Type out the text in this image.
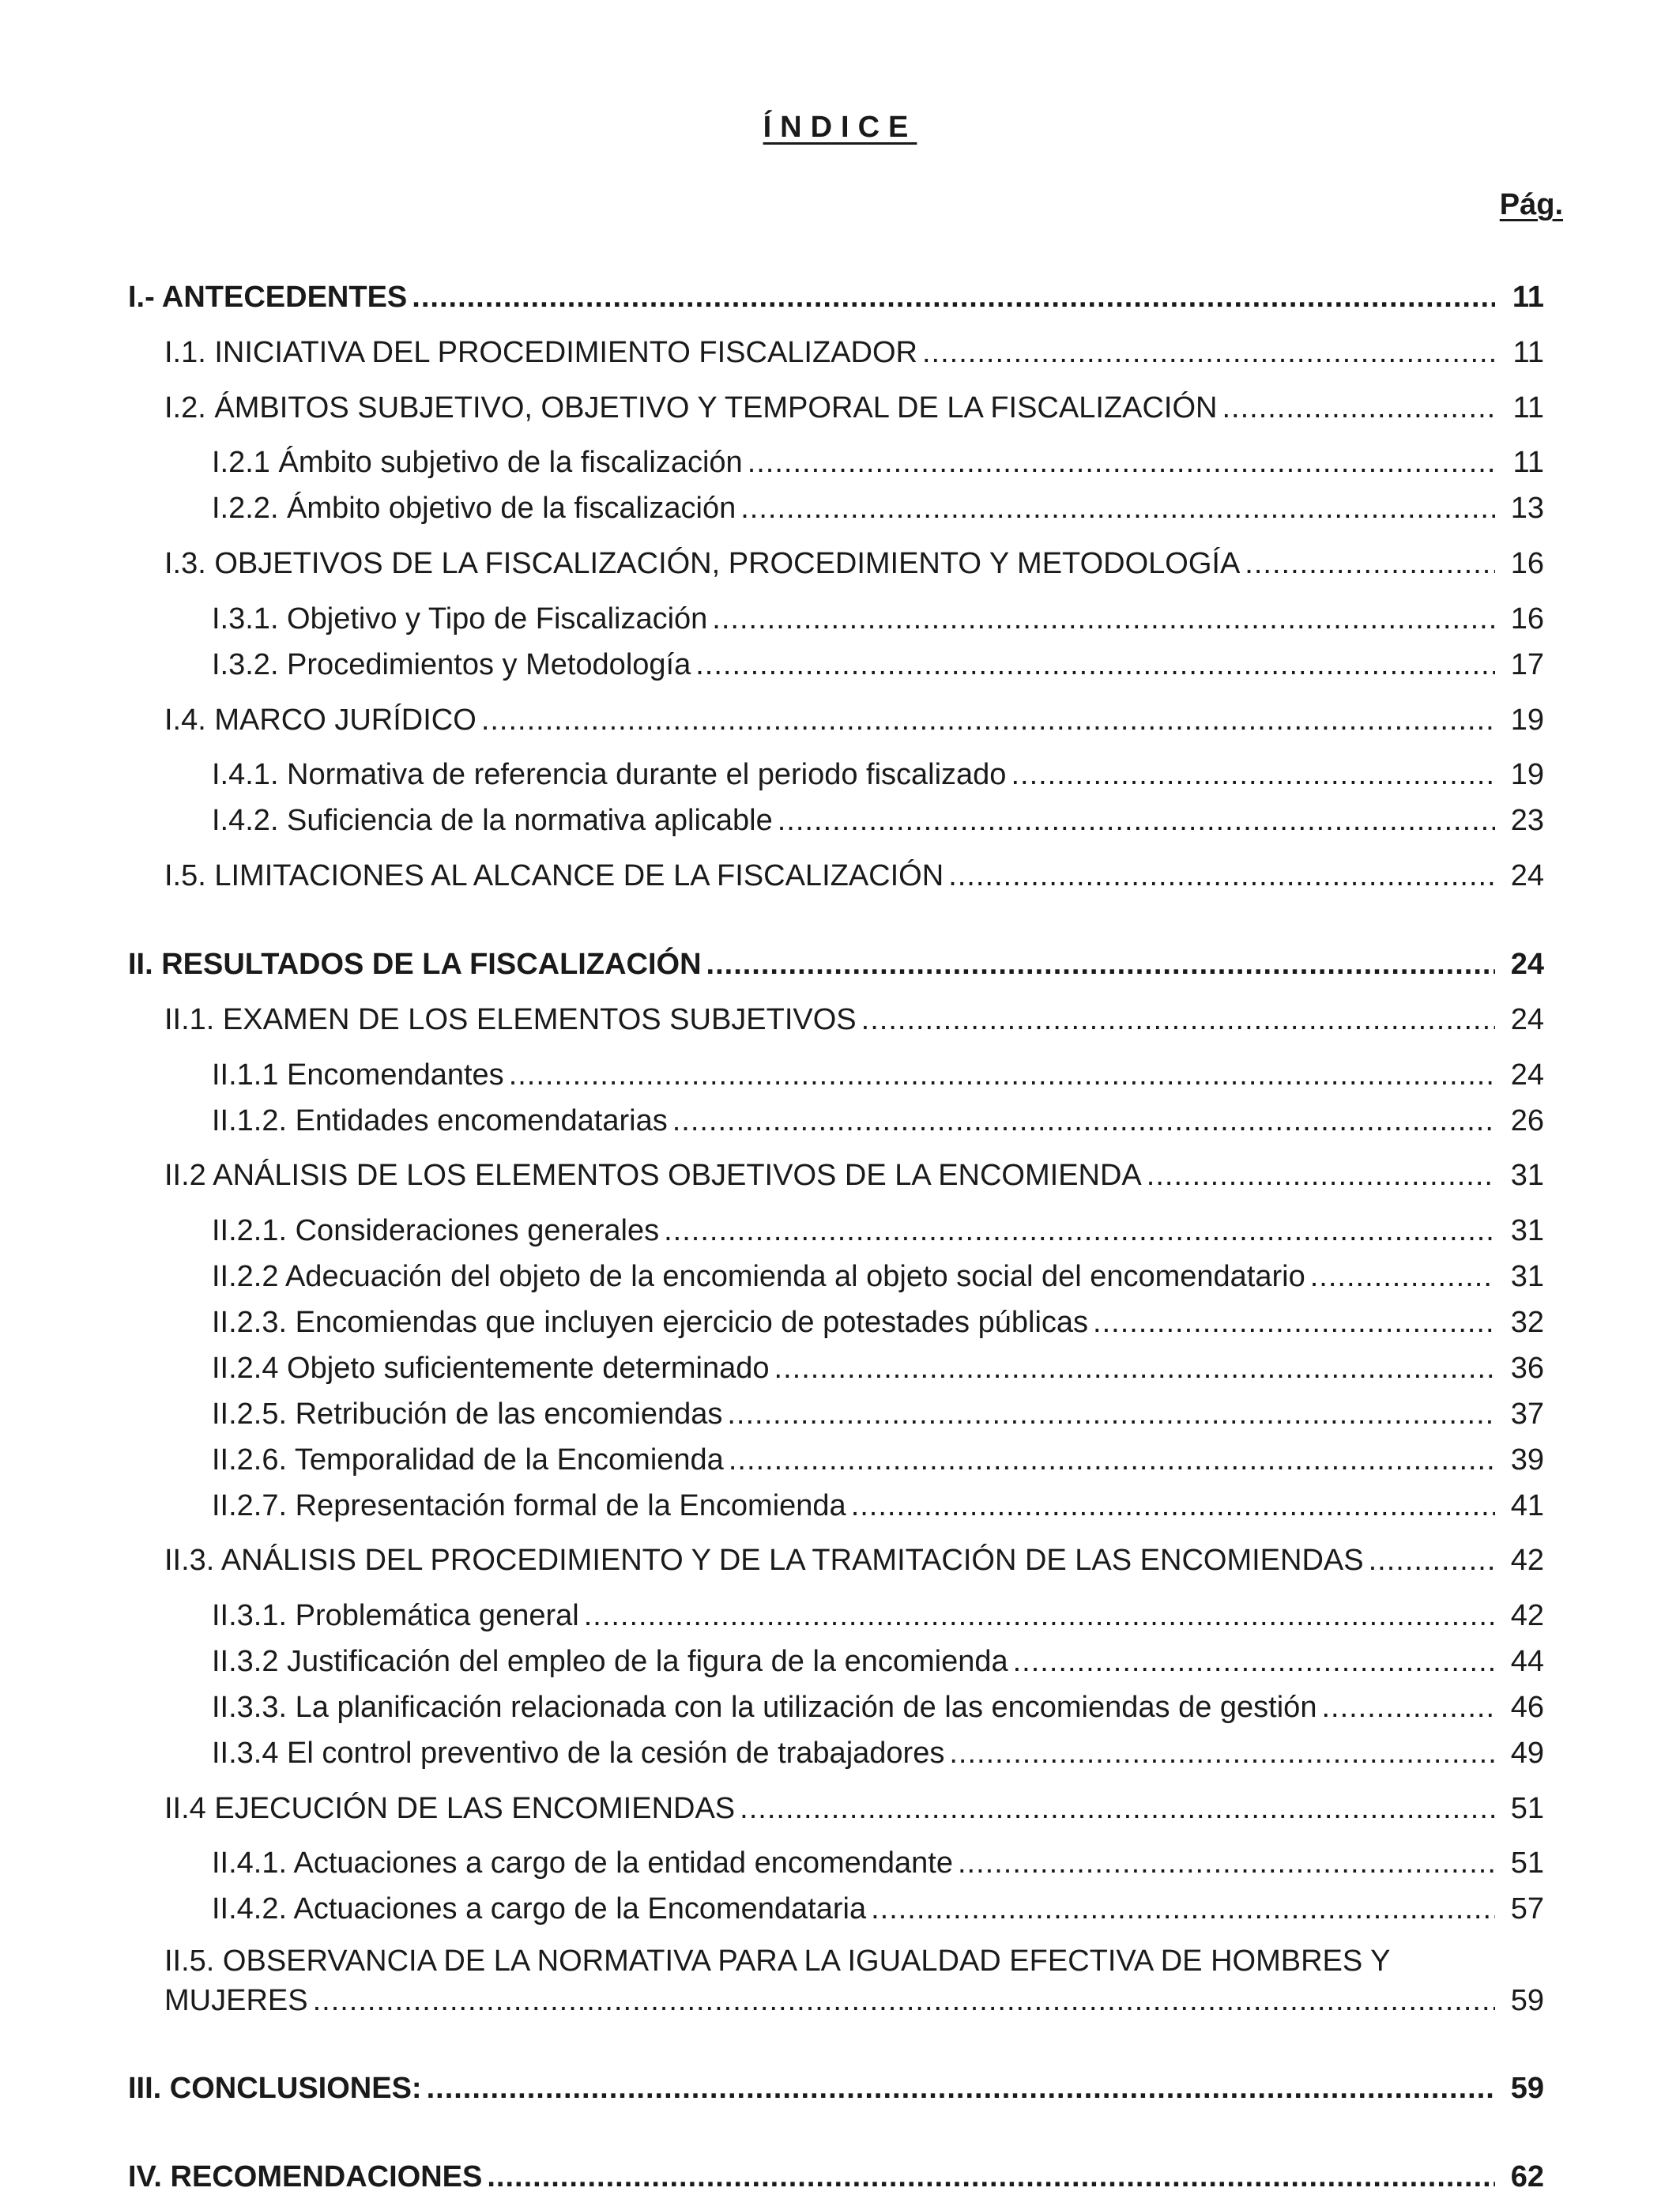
ÍNDICE
Pág.
I.- ANTECEDENTES .....	11
I.1. INICIATIVA DEL PROCEDIMIENTO FISCALIZADOR .....	11
I.2. ÁMBITOS SUBJETIVO, OBJETIVO Y TEMPORAL DE LA FISCALIZACIÓN .....	11
I.2.1 Ámbito subjetivo de la fiscalización .....	11
I.2.2. Ámbito objetivo de la fiscalización .....	13
I.3. OBJETIVOS DE LA FISCALIZACIÓN, PROCEDIMIENTO Y METODOLOGÍA .....	16
I.3.1. Objetivo y Tipo de Fiscalización .....	16
I.3.2. Procedimientos y Metodología .....	17
I.4. MARCO JURÍDICO .....	19
I.4.1. Normativa de referencia durante el periodo fiscalizado .....	19
I.4.2. Suficiencia de la normativa aplicable .....	23
I.5. LIMITACIONES AL ALCANCE DE LA FISCALIZACIÓN .....	24
II. RESULTADOS DE LA FISCALIZACIÓN .....	24
II.1. EXAMEN DE LOS ELEMENTOS SUBJETIVOS .....	24
II.1.1 Encomendantes .....	24
II.1.2. Entidades encomendatarias .....	26
II.2 ANÁLISIS DE LOS ELEMENTOS OBJETIVOS DE LA ENCOMIENDA .....	31
II.2.1. Consideraciones generales .....	31
II.2.2 Adecuación del objeto de la encomienda al objeto social del encomendatario .....	31
II.2.3. Encomiendas que incluyen ejercicio de potestades públicas .....	32
II.2.4 Objeto suficientemente determinado .....	36
II.2.5. Retribución de las encomiendas .....	37
II.2.6. Temporalidad de la Encomienda .....	39
II.2.7. Representación formal de la Encomienda .....	41
II.3. ANÁLISIS DEL PROCEDIMIENTO Y DE LA TRAMITACIÓN DE LAS ENCOMIENDAS .....	42
II.3.1. Problemática general .....	42
II.3.2 Justificación del empleo de la figura de la encomienda .....	44
II.3.3. La planificación relacionada con la utilización de las encomiendas de gestión .....	46
II.3.4 El control preventivo de la cesión de trabajadores .....	49
II.4 EJECUCIÓN DE LAS ENCOMIENDAS .....	51
II.4.1. Actuaciones a cargo de la entidad encomendante .....	51
II.4.2. Actuaciones a cargo de la Encomendataria .....	57
II.5. OBSERVANCIA DE LA NORMATIVA PARA LA IGUALDAD EFECTIVA DE HOMBRES Y
MUJERES .....	59
III. CONCLUSIONES: .....	59
IV. RECOMENDACIONES .....	62
